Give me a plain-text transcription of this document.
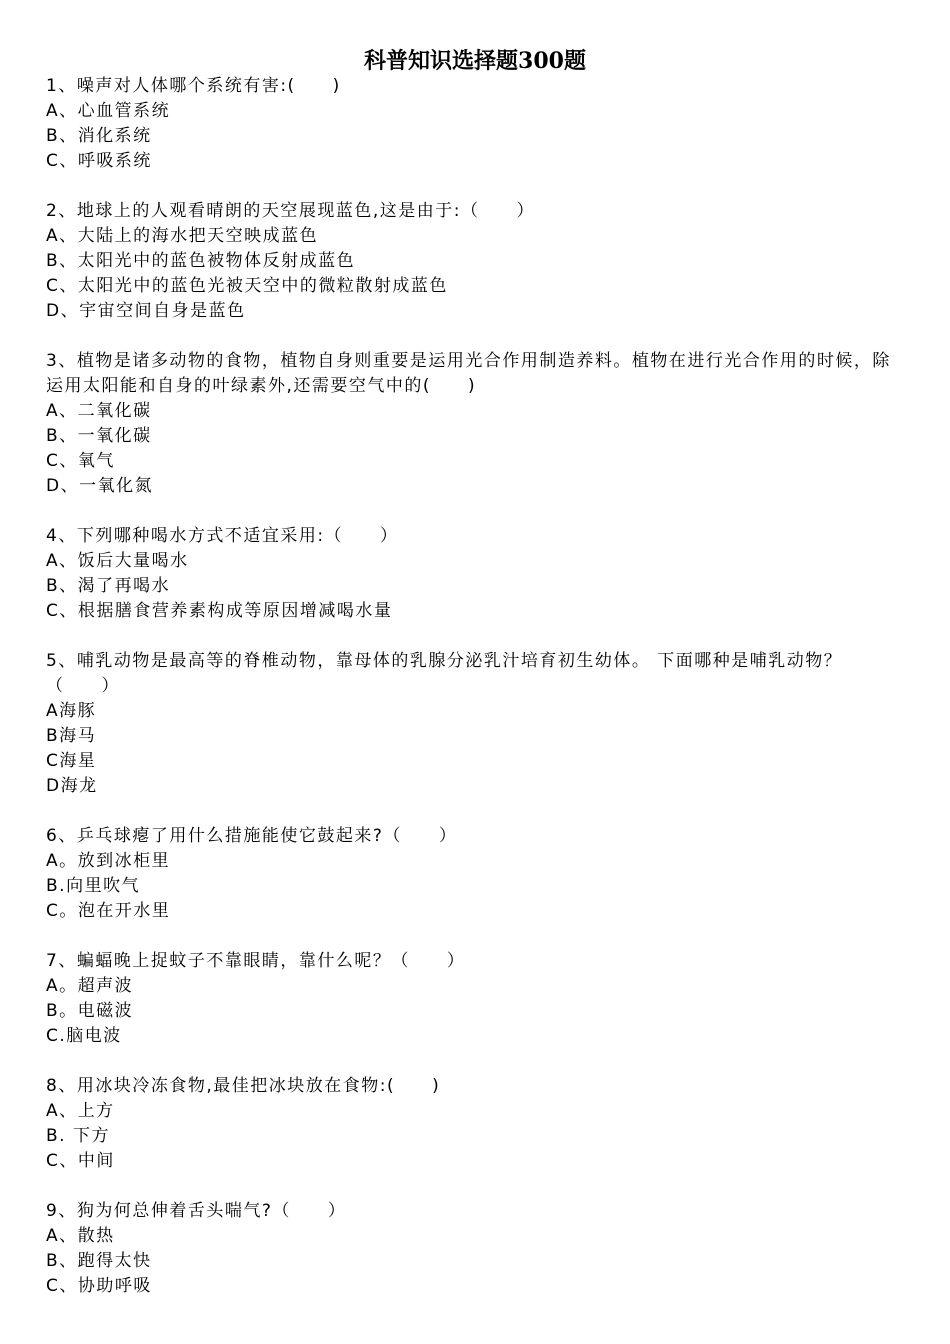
科普知识选择题300题
1、噪声对人体哪个系统有害:(　　)
A、心血管系统
B、消化系统
C、呼吸系统
2、地球上的人观看晴朗的天空展现蓝色,这是由于:（　　）
A、大陆上的海水把天空映成蓝色
B、太阳光中的蓝色被物体反射成蓝色
C、太阳光中的蓝色光被天空中的微粒散射成蓝色
D、宇宙空间自身是蓝色
3、植物是诸多动物的食物，植物自身则重要是运用光合作用制造养料。植物在进行光合作用的时候，除运用太阳能和自身的叶绿素外,还需要空气中的(　　)
A、二氧化碳
B、一氧化碳
C、氧气
D、一氧化氮
4、下列哪种喝水方式不适宜采用:（　　）
A、饭后大量喝水
B、渴了再喝水
C、根据膳食营养素构成等原因增减喝水量
5、哺乳动物是最高等的脊椎动物，靠母体的乳腺分泌乳汁培育初生幼体。 下面哪种是哺乳动物？　（　　）
A海豚
B海马
C海星
D海龙
6、乒乓球瘪了用什么措施能使它鼓起来?（　　）
A。放到冰柜里
B.向里吹气
C。泡在开水里
7、蝙蝠晚上捉蚊子不靠眼睛，靠什么呢？（　　）
A。超声波
B。电磁波
C.脑电波
8、用冰块冷冻食物,最佳把冰块放在食物:(　　)
A、上方
B. 下方
C、中间
9、狗为何总伸着舌头喘气?（　　）
A、散热
B、跑得太快
C、协助呼吸
